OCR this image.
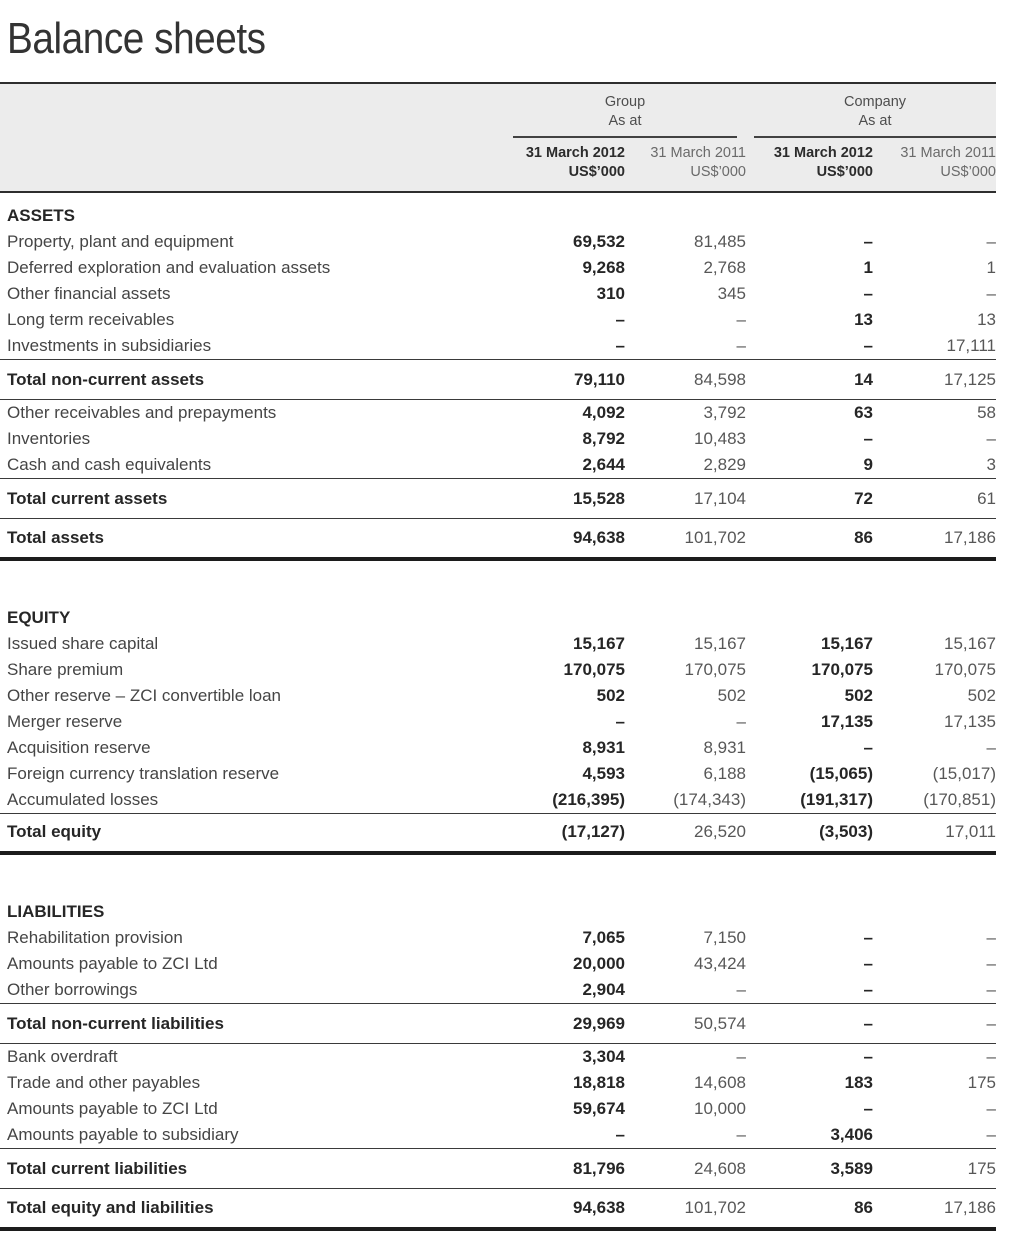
Balance sheets

Group
As at

Company
As at

31 March 2012
US$’000

31 March 2011
US$’000

31 March 2012
US$’000

31 March 2011
US$’000

ASSETS				
Property, plant and equipment	69,532	81,485	–	–
Deferred exploration and evaluation assets	9,268	2,768	1	1
Other financial assets	310	345	–	–
Long term receivables	–	–	13	13
Investments in subsidiaries	–	–	–	17,111
Total non-current assets	79,110	84,598	14	17,125
Other receivables and prepayments	4,092	3,792	63	58
Inventories	8,792	10,483	–	–
Cash and cash equivalents	2,644	2,829	9	3
Total current assets	15,528	17,104	72	61
Total assets	94,638	101,702	86	17,186

EQUITY				
Issued share capital	15,167	15,167	15,167	15,167
Share premium	170,075	170,075	170,075	170,075
Other reserve – ZCI convertible loan	502	502	502	502
Merger reserve	–	–	17,135	17,135
Acquisition reserve	8,931	8,931	–	–
Foreign currency translation reserve	4,593	6,188	(15,065)	(15,017)
Accumulated losses	(216,395)	(174,343)	(191,317)	(170,851)
Total equity	(17,127)	26,520	(3,503)	17,011

LIABILITIES				
Rehabilitation provision	7,065	7,150	–	–
Amounts payable to ZCI Ltd	20,000	43,424	–	–
Other borrowings	2,904	–	–	–
Total non-current liabilities	29,969	50,574	–	–
Bank overdraft	3,304	–	–	–
Trade and other payables	18,818	14,608	183	175
Amounts payable to ZCI Ltd	59,674	10,000	–	–
Amounts payable to subsidiary	–	–	3,406	–
Total current liabilities	81,796	24,608	3,589	175
Total equity and liabilities	94,638	101,702	86	17,186
